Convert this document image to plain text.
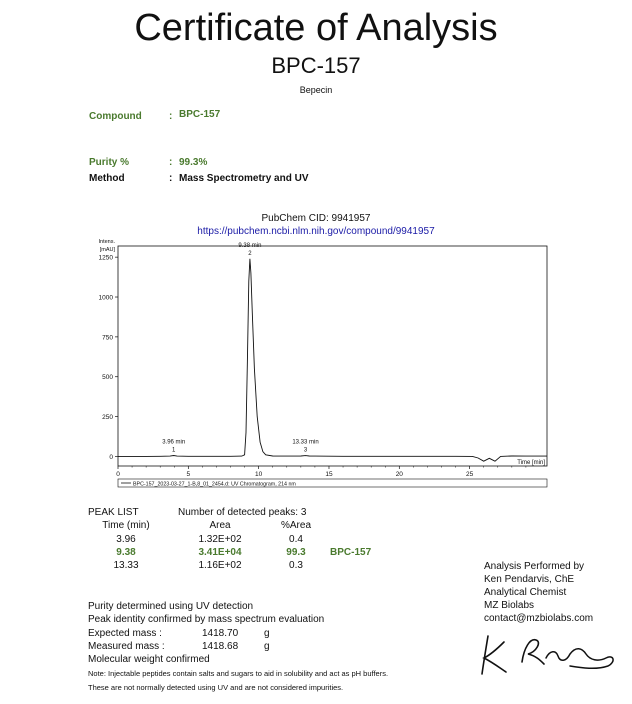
Certificate of Analysis
BPC-157
Bepecin
Compound	: BPC-157
Purity %	: 99.3%
Method	: Mass Spectrometry and UV
PubChem CID: 9941957
https://pubchem.ncbi.nlm.nih.gov/compound/9941957
0
250
500
750
1000
1250
0	5	10	15	20	25
Intens.
[mAU]
Time [min]
3.96 min
1
9.38 min
2
13.33 min
3
BPC-157_2023-03-27_1-B,8_01_2454.d: UV Chromatogram, 214 nm
PEAK LIST	Number of detected peaks: 3
Time (min)	Area	%Area
3.96	1.32E+02	0.4
9.38	3.41E+04	99.3	BPC-157
13.33	1.16E+02	0.3
Purity determined using UV detection
Peak identity confirmed by mass spectrum evaluation
Expected mass :	1418.70	g
Measured mass :	1418.68	g
Molecular weight confirmed
Note: Injectable peptides contain salts and sugars to aid in solubility and act as pH buffers.
These are not normally detected using UV and are not considered impurities.
Analysis Performed by
Ken Pendarvis, ChE
Analytical Chemist
MZ Biolabs
contact@mzbiolabs.com
